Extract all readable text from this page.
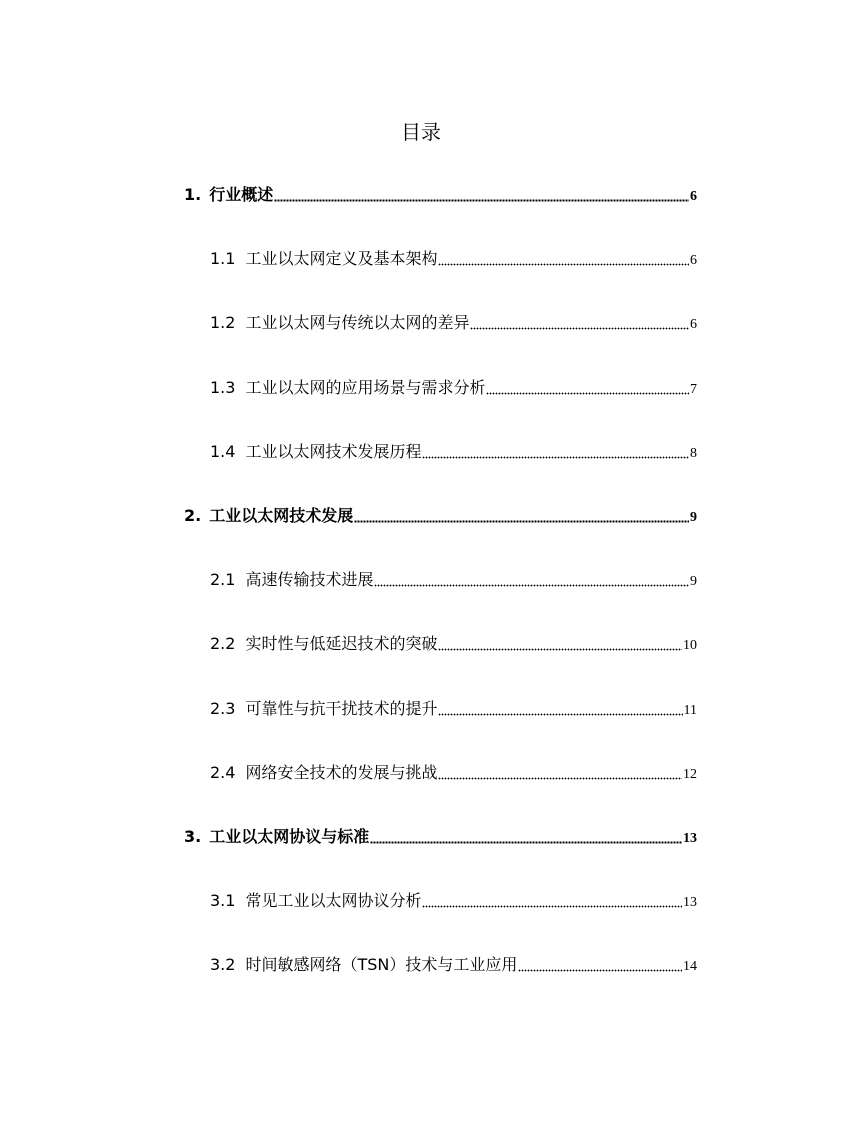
目录
1. 行业概述	6
1.1 工业以太网定义及基本架构	6
1.2 工业以太网与传统以太网的差异	6
1.3 工业以太网的应用场景与需求分析	7
1.4 工业以太网技术发展历程	8
2. 工业以太网技术发展	9
2.1 高速传输技术进展	9
2.2 实时性与低延迟技术的突破	10
2.3 可靠性与抗干扰技术的提升	11
2.4 网络安全技术的发展与挑战	12
3. 工业以太网协议与标准	13
3.1 常见工业以太网协议分析	13
3.2 时间敏感网络（TSN）技术与工业应用	14
